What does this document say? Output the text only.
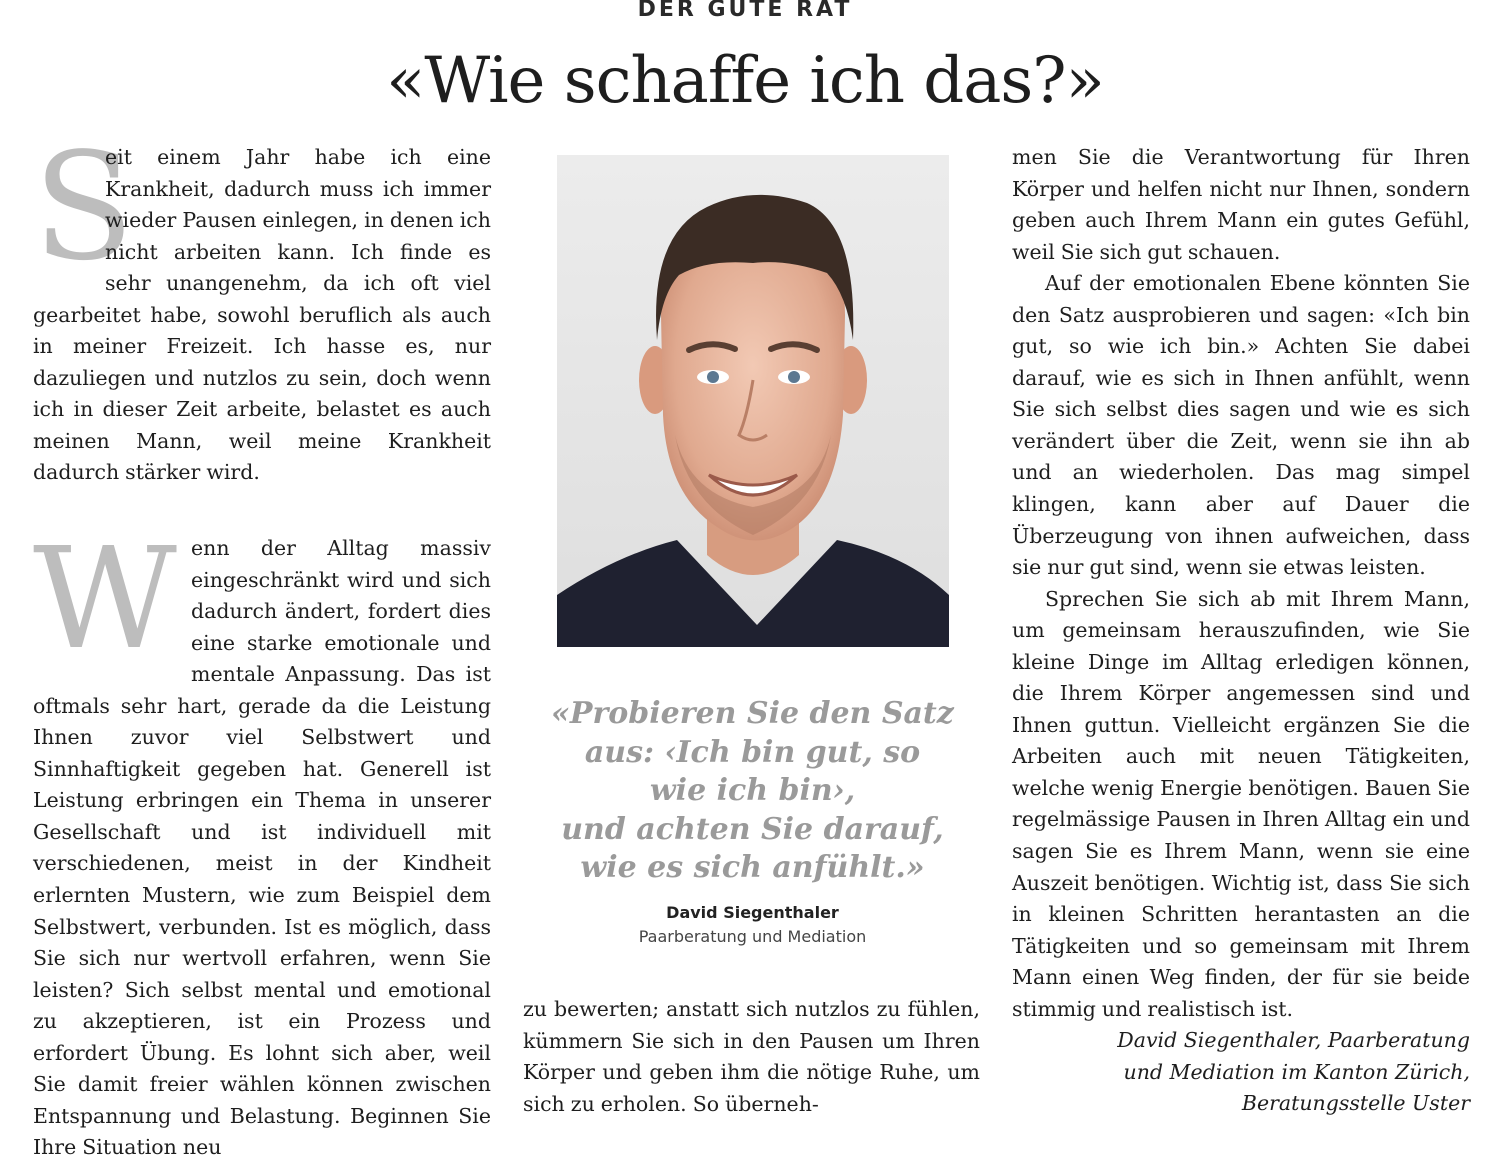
DER GUTE RAT
«Wie schaffe ich das?»

S
eit einem Jahr habe ich eine Krankheit, dadurch muss ich immer wieder Pausen einlegen, in denen ich nicht arbeiten kann. Ich finde es sehr unangenehm, da ich oft viel gearbeitet habe, sowohl beruflich als auch in meiner Freizeit. Ich hasse es, nur dazuliegen und nutzlos zu sein, doch wenn ich in dieser Zeit arbeite, belastet es auch meinen Mann, weil meine Krankheit dadurch stärker wird.

Wenn der Alltag massiv eingeschränkt wird und sich dadurch ändert, fordert dies eine starke emotionale und mentale Anpassung. Das ist oftmals sehr hart, gerade da die Leistung Ihnen zuvor viel Selbstwert und Sinnhaftigkeit gegeben hat. Generell ist Leistung erbringen ein Thema in unserer Gesellschaft und ist individuell mit verschiedenen, meist in der Kindheit erlernten Mustern, wie zum Beispiel dem Selbstwert, verbunden. Ist es möglich, dass Sie sich nur wertvoll erfahren, wenn Sie leisten? Sich selbst mental und emotional zu akzeptieren, ist ein Prozess und erfordert Übung. Es lohnt sich aber, weil Sie damit freier wählen können zwischen Entspannung und Belastung. Beginnen Sie Ihre Situation neu

«Probieren Sie den Satz
aus: ‹Ich bin gut, so
wie ich bin›,
und achten Sie darauf,
wie es sich anfühlt.»
David Siegenthaler
Paarberatung und Mediation

zu bewerten; anstatt sich nutzlos zu fühlen, kümmern Sie sich in den Pausen um Ihren Körper und geben ihm die nötige Ruhe, um sich zu erholen. So überneh-

men Sie die Verantwortung für Ihren Körper und helfen nicht nur Ihnen, sondern geben auch Ihrem Mann ein gutes Gefühl, weil Sie sich gut schauen.

Auf der emotionalen Ebene könnten Sie den Satz ausprobieren und sagen: «Ich bin gut, so wie ich bin.» Achten Sie dabei darauf, wie es sich in Ihnen anfühlt, wenn Sie sich selbst dies sagen und wie es sich verändert über die Zeit, wenn sie ihn ab und an wiederholen. Das mag simpel klingen, kann aber auf Dauer die Überzeugung von ihnen aufweichen, dass sie nur gut sind, wenn sie etwas leisten.

Sprechen Sie sich ab mit Ihrem Mann, um gemeinsam herauszufinden, wie Sie kleine Dinge im Alltag erledigen können, die Ihrem Körper angemessen sind und Ihnen guttun. Vielleicht ergänzen Sie die Arbeiten auch mit neuen Tätigkeiten, welche wenig Energie benötigen. Bauen Sie regelmässige Pausen in Ihren Alltag ein und sagen Sie es Ihrem Mann, wenn sie eine Auszeit benötigen. Wichtig ist, dass Sie sich in kleinen Schritten herantasten an die Tätigkeiten und so gemeinsam mit Ihrem Mann einen Weg finden, der für sie beide stimmig und realistisch ist.

David Siegenthaler, Paarberatung
und Mediation im Kanton Zürich,
Beratungsstelle Uster
